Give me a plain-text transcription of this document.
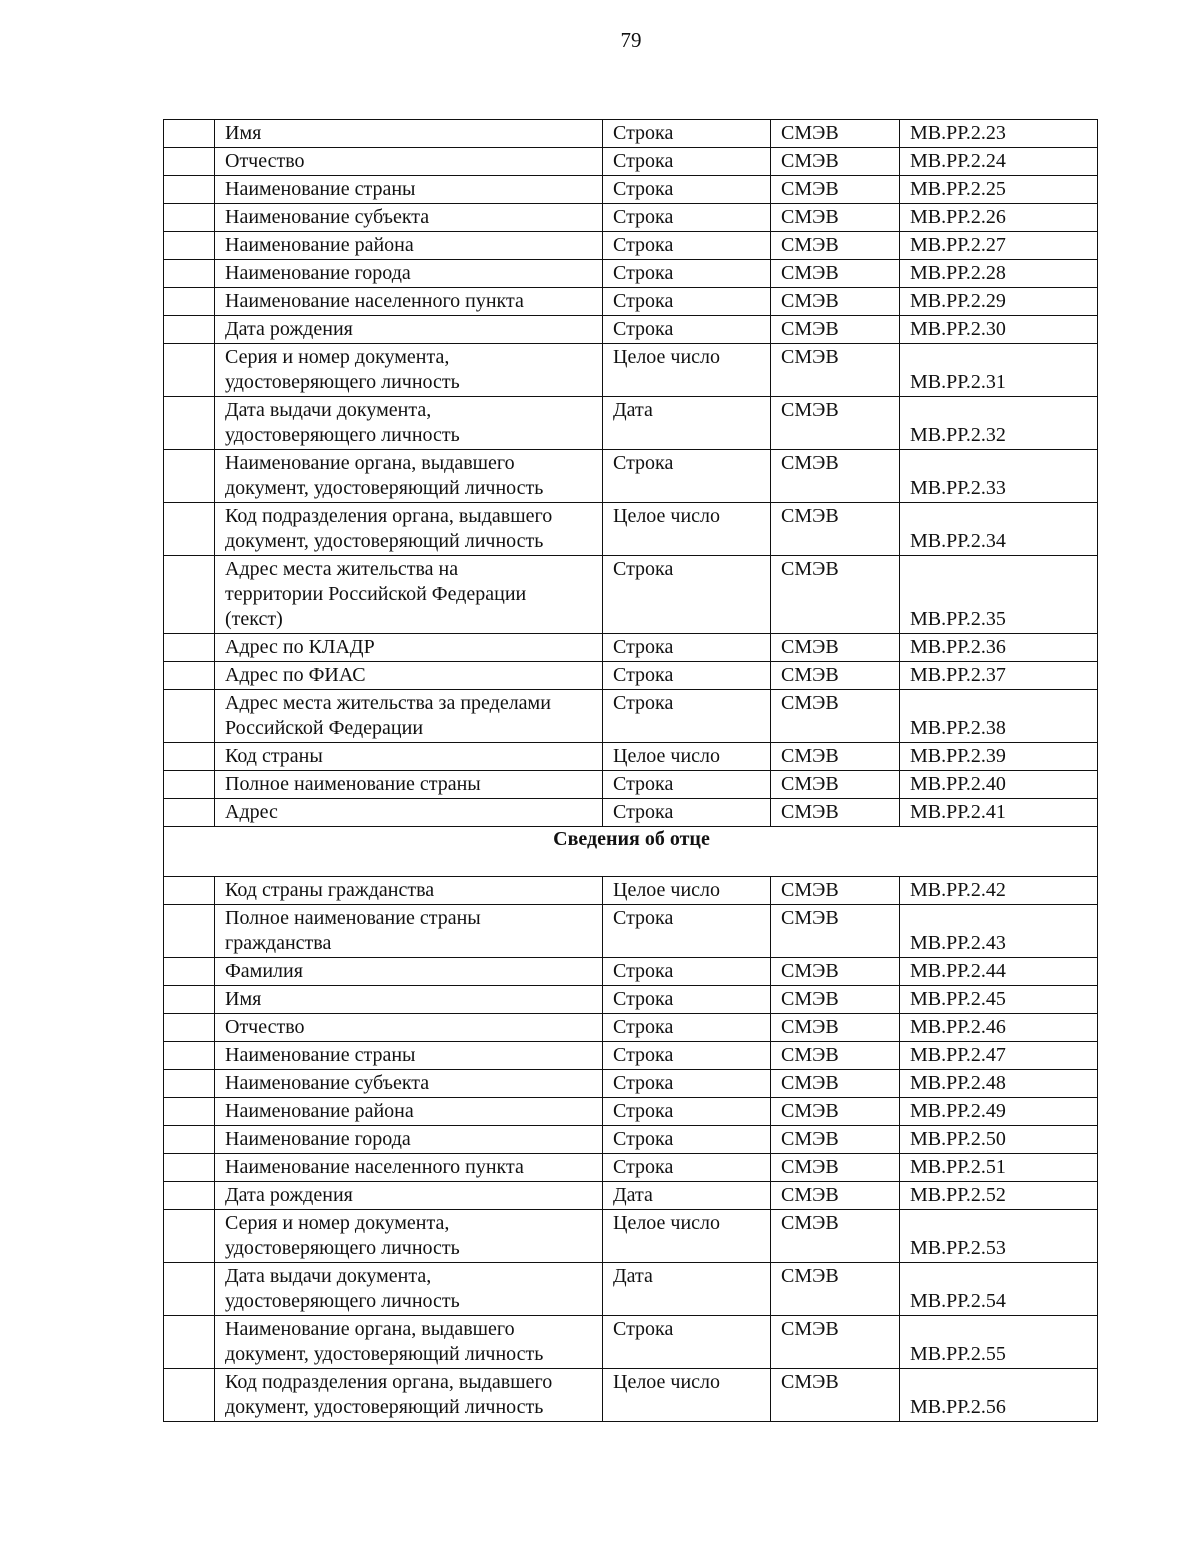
79
	Имя	Строка	СМЭВ	МВ.РР.2.23
	Отчество	Строка	СМЭВ	МВ.РР.2.24
	Наименование страны	Строка	СМЭВ	МВ.РР.2.25
	Наименование субъекта	Строка	СМЭВ	МВ.РР.2.26
	Наименование района	Строка	СМЭВ	МВ.РР.2.27
	Наименование города	Строка	СМЭВ	МВ.РР.2.28
	Наименование населенного пункта	Строка	СМЭВ	МВ.РР.2.29
	Дата рождения	Строка	СМЭВ	МВ.РР.2.30
	Серия и номер документа,
удостоверяющего личность	Целое число	СМЭВ	МВ.РР.2.31
	Дата выдачи документа,
удостоверяющего личность	Дата	СМЭВ	МВ.РР.2.32
	Наименование органа, выдавшего
документ, удостоверяющий личность	Строка	СМЭВ	МВ.РР.2.33
	Код подразделения органа, выдавшего
документ, удостоверяющий личность	Целое число	СМЭВ	МВ.РР.2.34
	Адрес места жительства на
территории Российской Федерации
(текст)	Строка	СМЭВ	МВ.РР.2.35
	Адрес по КЛАДР	Строка	СМЭВ	МВ.РР.2.36
	Адрес по ФИАС	Строка	СМЭВ	МВ.РР.2.37
	Адрес места жительства за пределами
Российской Федерации	Строка	СМЭВ	МВ.РР.2.38
	Код страны	Целое число	СМЭВ	МВ.РР.2.39
	Полное наименование страны	Строка	СМЭВ	МВ.РР.2.40
	Адрес	Строка	СМЭВ	МВ.РР.2.41
Сведения об отце				
	Код страны гражданства	Целое число	СМЭВ	МВ.РР.2.42
	Полное наименование страны
гражданства	Строка	СМЭВ	МВ.РР.2.43
	Фамилия	Строка	СМЭВ	МВ.РР.2.44
	Имя	Строка	СМЭВ	МВ.РР.2.45
	Отчество	Строка	СМЭВ	МВ.РР.2.46
	Наименование страны	Строка	СМЭВ	МВ.РР.2.47
	Наименование субъекта	Строка	СМЭВ	МВ.РР.2.48
	Наименование района	Строка	СМЭВ	МВ.РР.2.49
	Наименование города	Строка	СМЭВ	МВ.РР.2.50
	Наименование населенного пункта	Строка	СМЭВ	МВ.РР.2.51
	Дата рождения	Дата	СМЭВ	МВ.РР.2.52
	Серия и номер документа,
удостоверяющего личность	Целое число	СМЭВ	МВ.РР.2.53
	Дата выдачи документа,
удостоверяющего личность	Дата	СМЭВ	МВ.РР.2.54
	Наименование органа, выдавшего
документ, удостоверяющий личность	Строка	СМЭВ	МВ.РР.2.55
	Код подразделения органа, выдавшего
документ, удостоверяющий личность	Целое число	СМЭВ	МВ.РР.2.56
